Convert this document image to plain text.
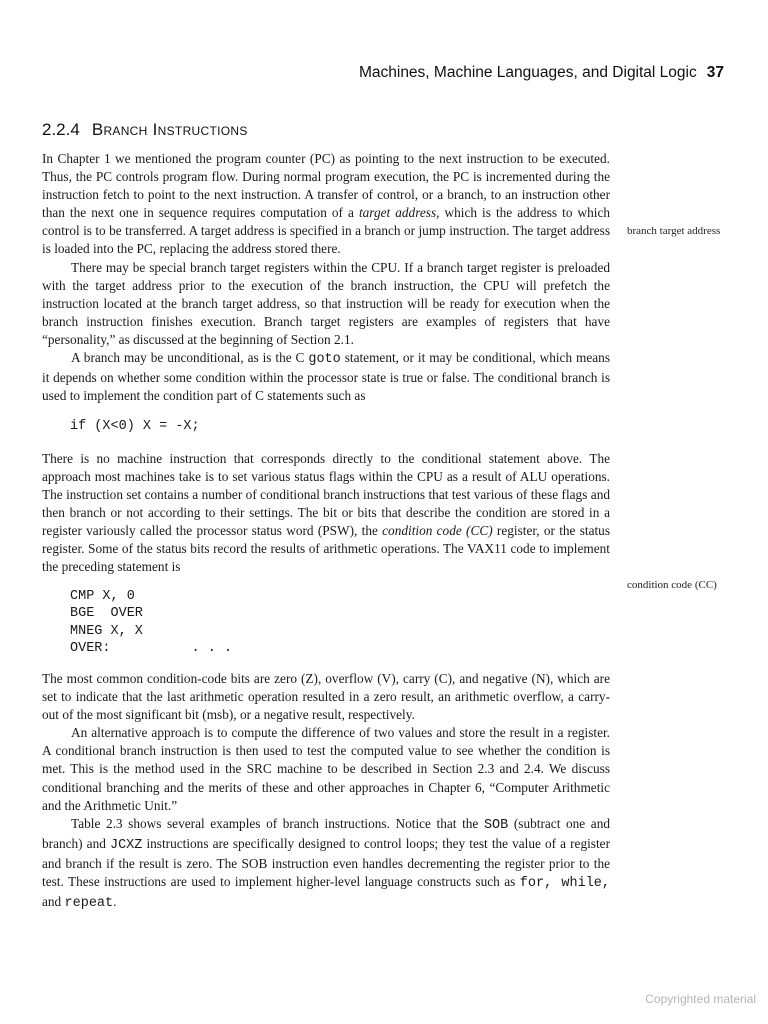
Machines, Machine Languages, and Digital Logic 37
2.2.4 Branch Instructions

In Chapter 1 we mentioned the program counter (PC) as pointing to the next instruction to be executed. Thus, the PC controls program flow. During normal program execution, the PC is incremented during the instruction fetch to point to the next instruction. A transfer of control, or a branch, to an instruction other than the next one in sequence requires computation of a target address, which is the address to which control is to be transferred. A target address is specified in a branch or jump instruction. The target address is loaded into the PC, replacing the address stored there.

There may be special branch target registers within the CPU. If a branch target register is preloaded with the target address prior to the execution of the branch instruction, the CPU will prefetch the instruction located at the branch target address, so that instruction will be ready for execution when the branch instruction finishes execution. Branch target registers are examples of registers that have “personality,” as discussed at the beginning of Section 2.1.

A branch may be unconditional, as is the C goto statement, or it may be conditional, which means it depends on whether some condition within the processor state is true or false. The conditional branch is used to implement the condition part of C statements such as

if (X<0) X = -X;

There is no machine instruction that corresponds directly to the conditional statement above. The approach most machines take is to set various status flags within the CPU as a result of ALU operations. The instruction set contains a number of conditional branch instructions that test various of these flags and then branch or not according to their settings. The bit or bits that describe the condition are stored in a register variously called the processor status word (PSW), the condition code (CC) register, or the status register. Some of the status bits record the results of arithmetic operations. The VAX11 code to implement the preceding statement is

CMP X, 0
BGE  OVER
MNEG X, X
OVER:          . . .

The most common condition-code bits are zero (Z), overflow (V), carry (C), and negative (N), which are set to indicate that the last arithmetic operation resulted in a zero result, an arithmetic overflow, a carry-out of the most significant bit (msb), or a negative result, respectively.

An alternative approach is to compute the difference of two values and store the result in a register. A conditional branch instruction is then used to test the computed value to see whether the condition is met. This is the method used in the SRC machine to be described in Section 2.3 and 2.4. We discuss conditional branching and the merits of these and other approaches in Chapter 6, “Computer Arithmetic and the Arithmetic Unit.”

Table 2.3 shows several examples of branch instructions. Notice that the SOB (subtract one and branch) and JCXZ instructions are specifically designed to control loops; they test the value of a register and branch if the result is zero. The SOB instruction even handles decrementing the register prior to the test. These instructions are used to implement higher-level language constructs such as for, while, and repeat.

branch target address
condition code (CC)
Copyrighted material
